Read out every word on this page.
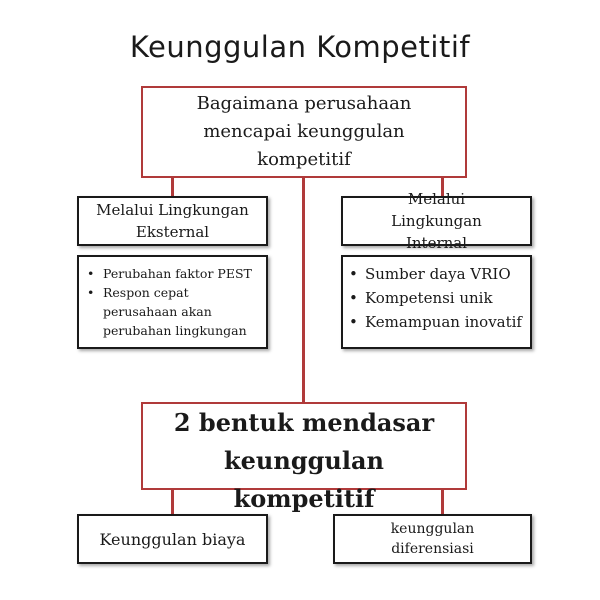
Keunggulan Kompetitif
Bagaimana perusahaan mencapai keunggulan kompetitif
Melalui Lingkungan Eksternal
Melalui Lingkungan Internal
• Perubahan faktor PEST
• Respon cepat perusahaan akan perubahan lingkungan
• Sumber daya VRIO
• Kompetensi unik
• Kemampuan inovatif
2 bentuk mendasar keunggulan kompetitif
Keunggulan biaya
keunggulan diferensiasi
